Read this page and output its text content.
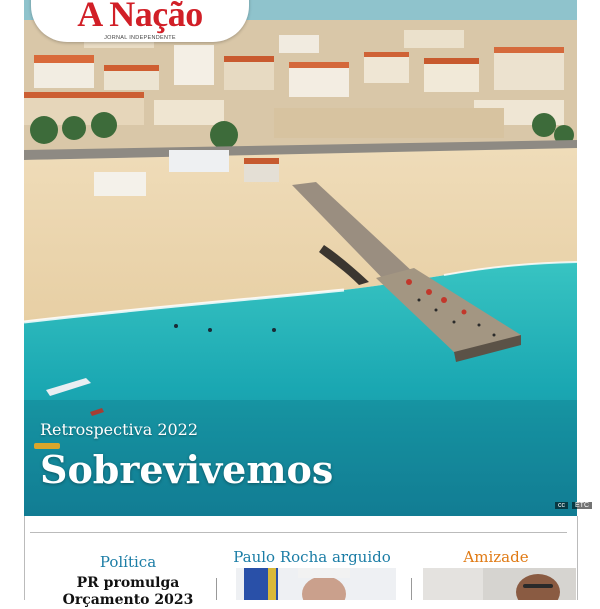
A Nação
JORNAL INDEPENDENTE
Retrospectiva 2022
Sobrevivemos
cc	ETC
Política
PR promulga Orçamento 2023
Paulo Rocha arguido	Amizade
